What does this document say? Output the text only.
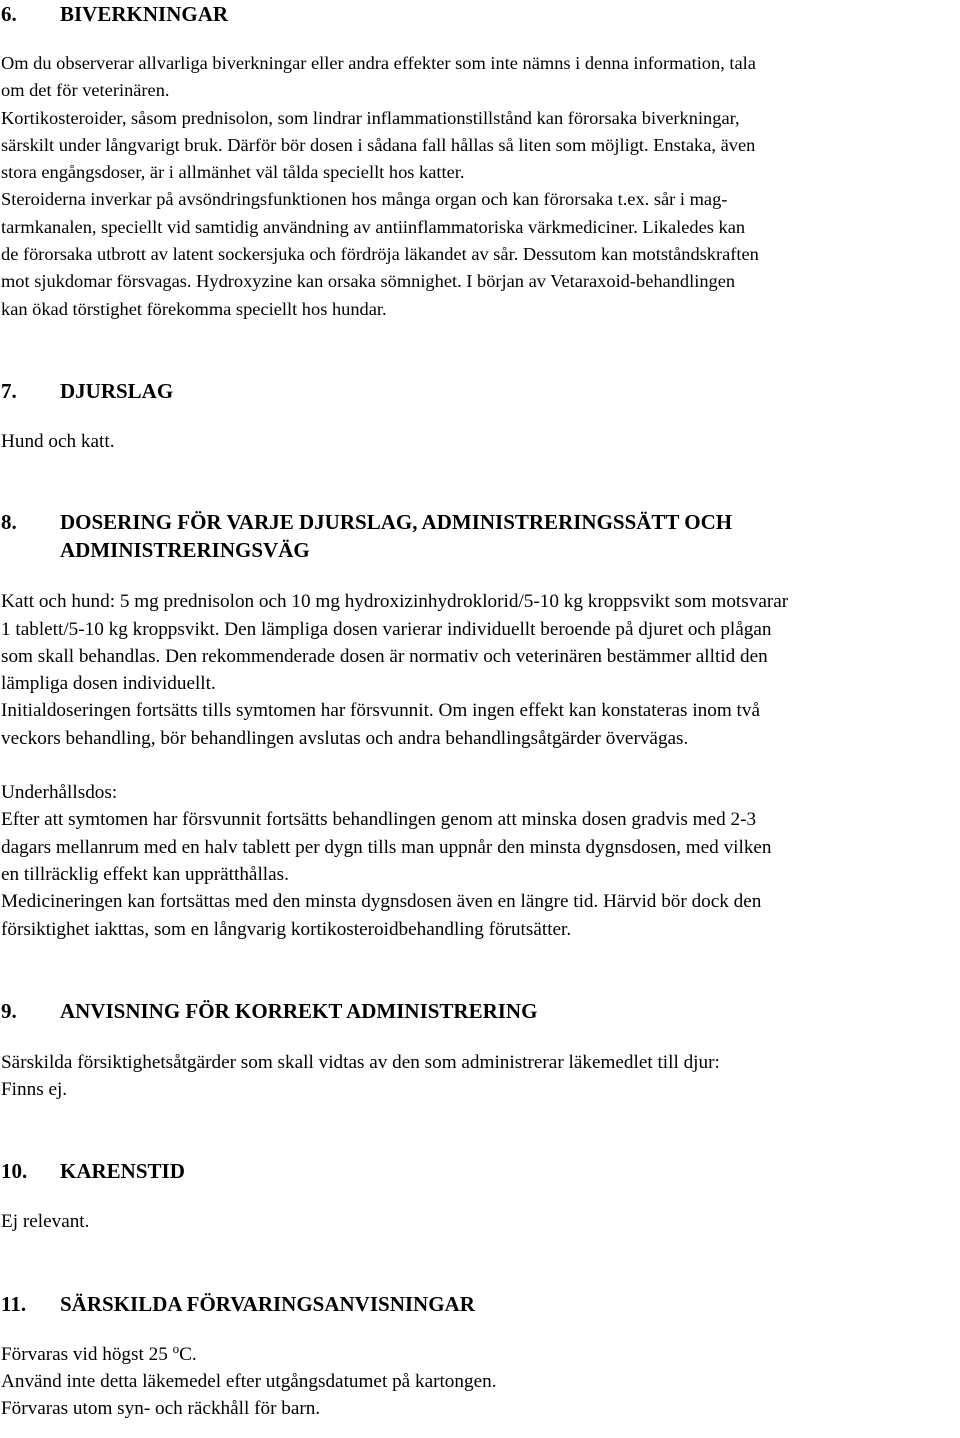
6.	BIVERKNINGAR
Om du observerar allvarliga biverkningar eller andra effekter som inte nämns i denna information, tala
om det för veterinären.
Kortikosteroider, såsom prednisolon, som lindrar inflammationstillstånd kan förorsaka biverkningar,
särskilt under långvarigt bruk. Därför bör dosen i sådana fall hållas så liten som möjligt. Enstaka, även
stora engångsdoser, är i allmänhet väl tålda speciellt hos katter.
Steroiderna inverkar på avsöndringsfunktionen hos många organ och kan förorsaka t.ex. sår i mag-
tarmkanalen, speciellt vid samtidig användning av antiinflammatoriska värkmediciner. Likaledes kan
de förorsaka utbrott av latent sockersjuka och fördröja läkandet av sår. Dessutom kan motståndskraften
mot sjukdomar försvagas. Hydroxyzine kan orsaka sömnighet. I början av Vetaraxoid-behandlingen
kan ökad törstighet förekomma speciellt hos hundar.
7.	DJURSLAG
Hund och katt.
8.	DOSERING FÖR VARJE DJURSLAG, ADMINISTRERINGSSÄTT OCH
ADMINISTRERINGSVÄG
Katt och hund: 5 mg prednisolon och 10 mg hydroxizinhydroklorid/5-10 kg kroppsvikt som motsvarar
1 tablett/5-10 kg kroppsvikt. Den lämpliga dosen varierar individuellt beroende på djuret och plågan
som skall behandlas. Den rekommenderade dosen är normativ och veterinären bestämmer alltid den
lämpliga dosen individuellt.
Initialdoseringen fortsätts tills symtomen har försvunnit. Om ingen effekt kan konstateras inom två
veckors behandling, bör behandlingen avslutas och andra behandlingsåtgärder övervägas.
Underhållsdos:
Efter att symtomen har försvunnit fortsätts behandlingen genom att minska dosen gradvis med 2-3
dagars mellanrum med en halv tablett per dygn tills man uppnår den minsta dygnsdosen, med vilken
en tillräcklig effekt kan upprätthållas.
Medicineringen kan fortsättas med den minsta dygnsdosen även en längre tid. Härvid bör dock den
försiktighet iakttas, som en långvarig kortikosteroidbehandling förutsätter.
9.	ANVISNING FÖR KORREKT ADMINISTRERING
Särskilda försiktighetsåtgärder som skall vidtas av den som administrerar läkemedlet till djur:
Finns ej.
10.	KARENSTID
Ej relevant.
11.	SÄRSKILDA FÖRVARINGSANVISNINGAR
Förvaras vid högst 25 $^o$C.
Använd inte detta läkemedel efter utgångsdatumet på kartongen.
Förvaras utom syn- och räckhåll för barn.
